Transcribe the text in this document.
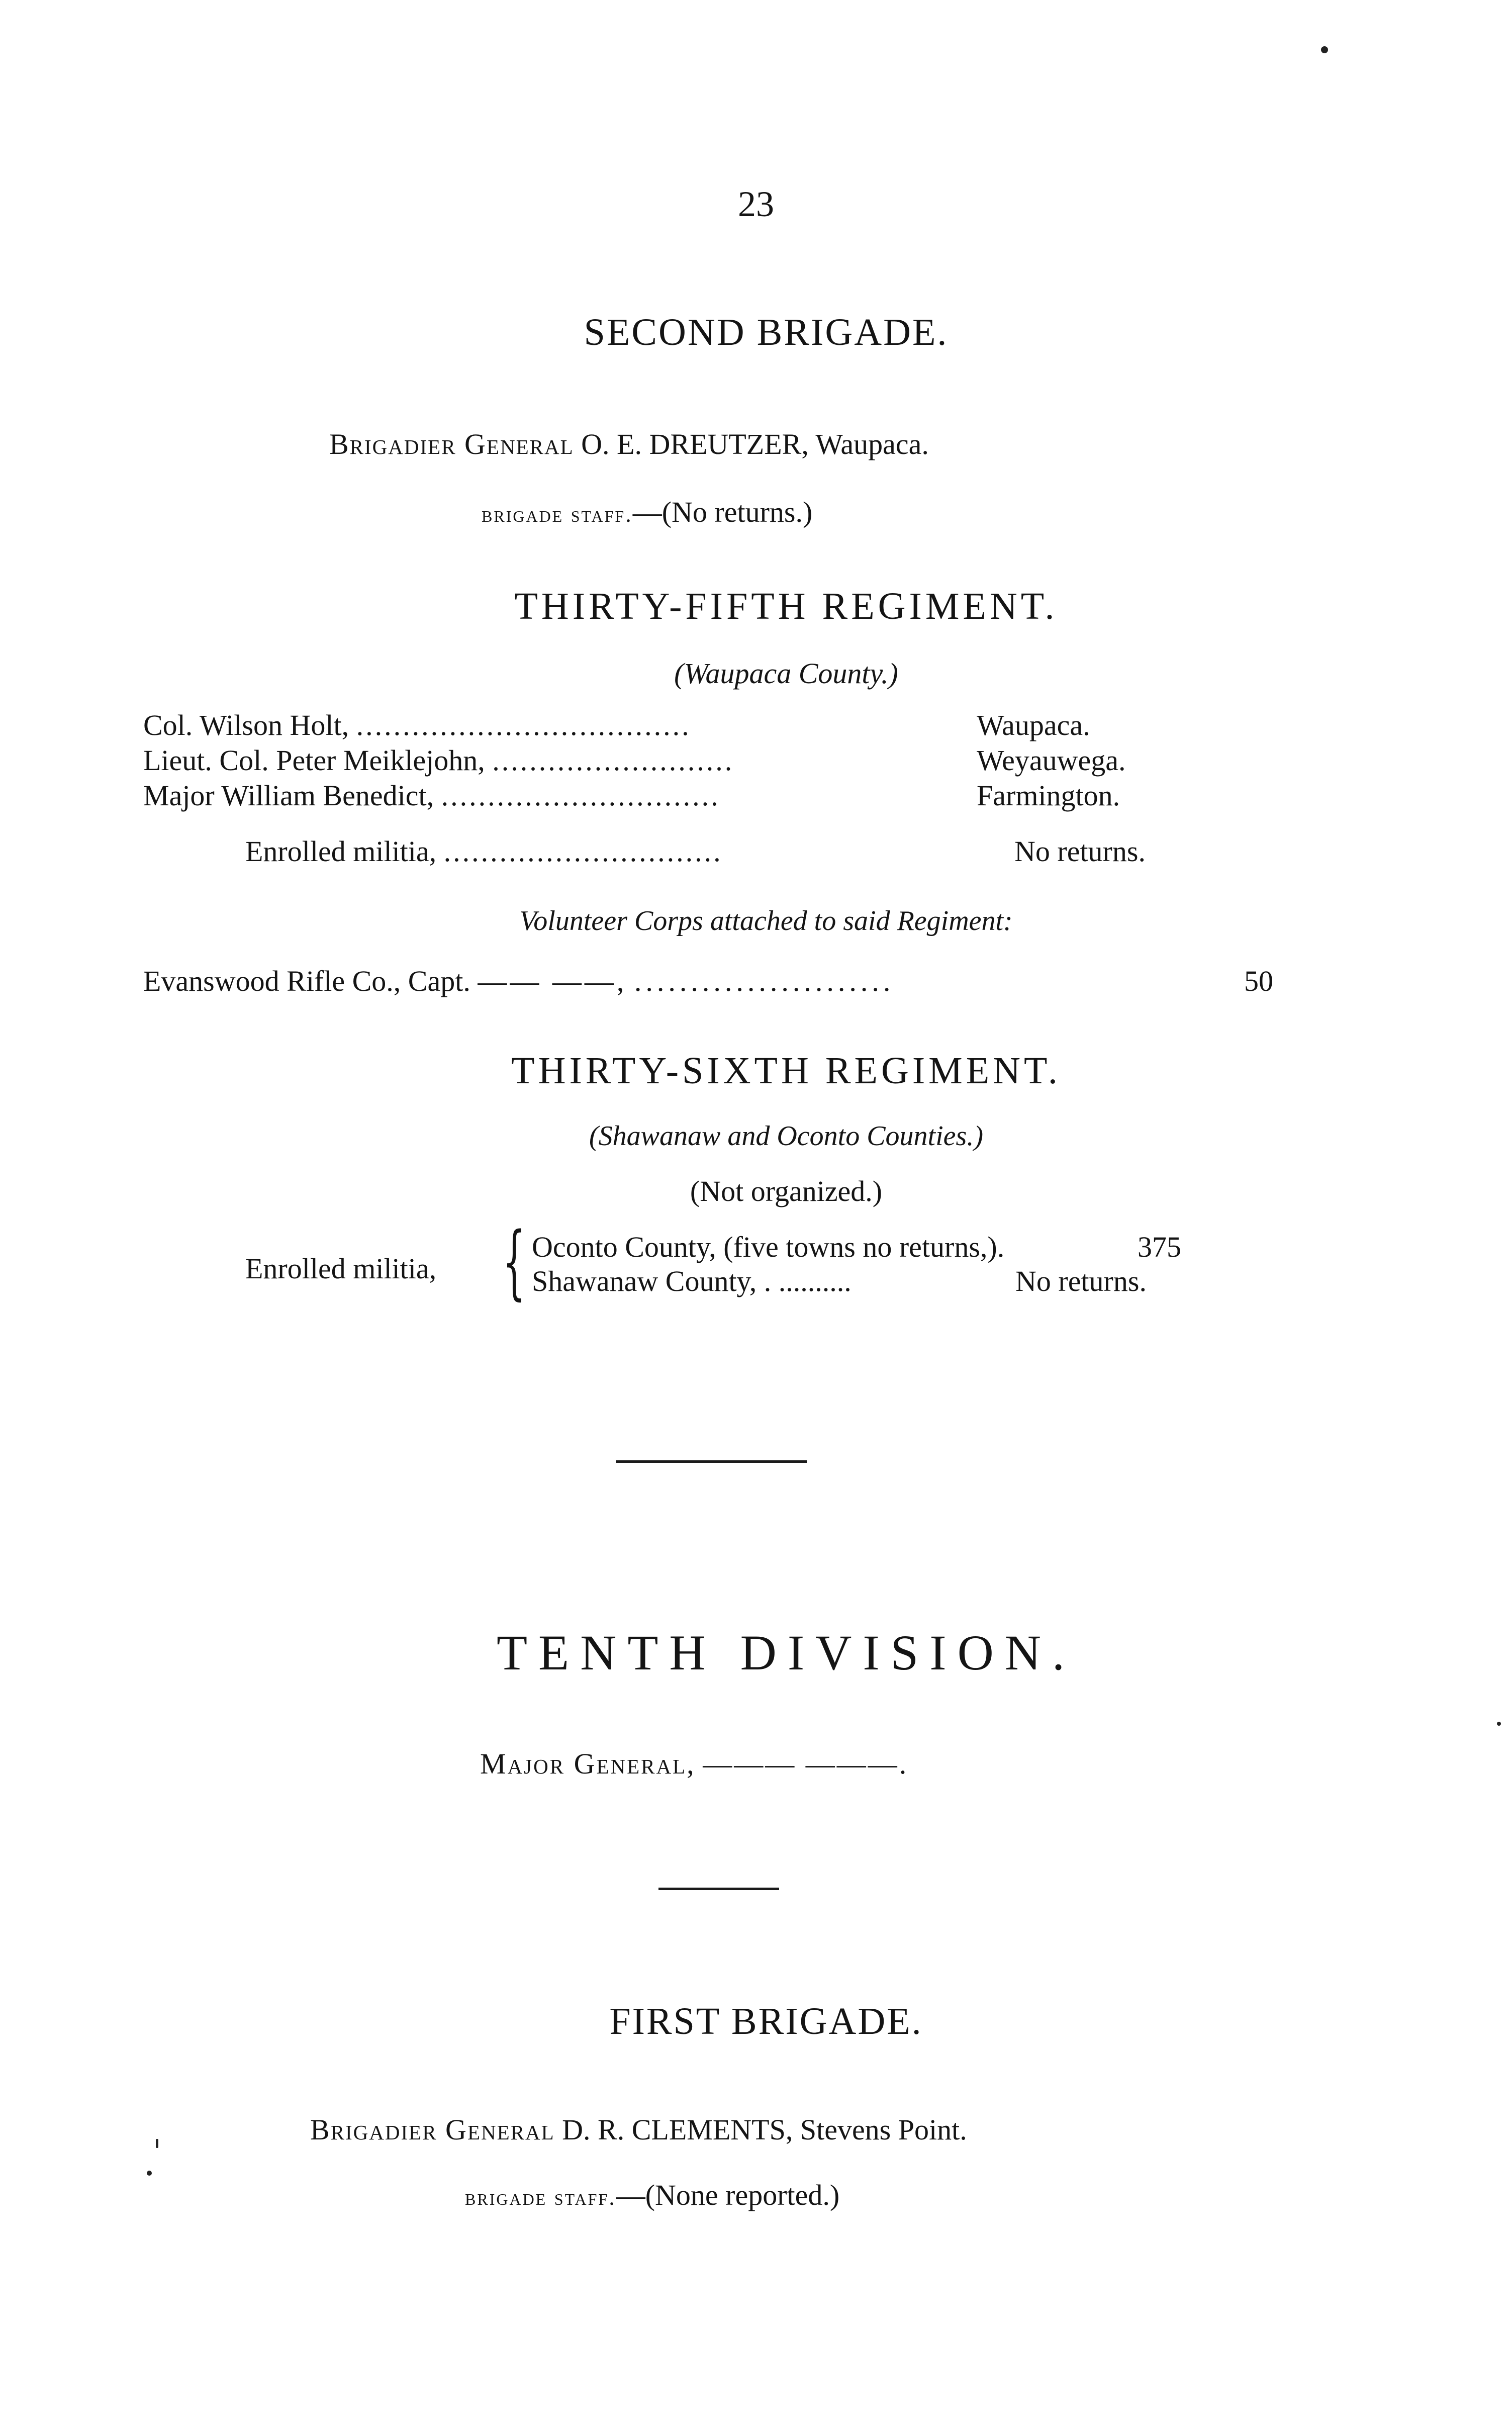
23
SECOND BRIGADE.
Brigadier General O. E. DREUTZER, Waupaca.
brigade staff.—(No returns.)
THIRTY-FIFTH REGIMENT.
(Waupaca County.)
Col. Wilson Holt, ....................................	Waupaca.
Lieut. Col. Peter Meiklejohn, ..........................	Weyauwega.
Major William Benedict, ..............................	Farmington.
Enrolled militia, ..............................	No returns.
Volunteer Corps attached to said Regiment:
Evanswood Rifle Co., Capt. —— ——, .......................	50
THIRTY-SIXTH REGIMENT.
(Shawanaw and Oconto Counties.)
(Not organized.)
Enrolled militia, { Oconto County, (five towns no returns,).	375
Shawanaw County, . ..........	No returns.
TENTH DIVISION.
Major General, ——— ———.
FIRST BRIGADE.
Brigadier General D. R. CLEMENTS, Stevens Point.
brigade staff.—(None reported.)
